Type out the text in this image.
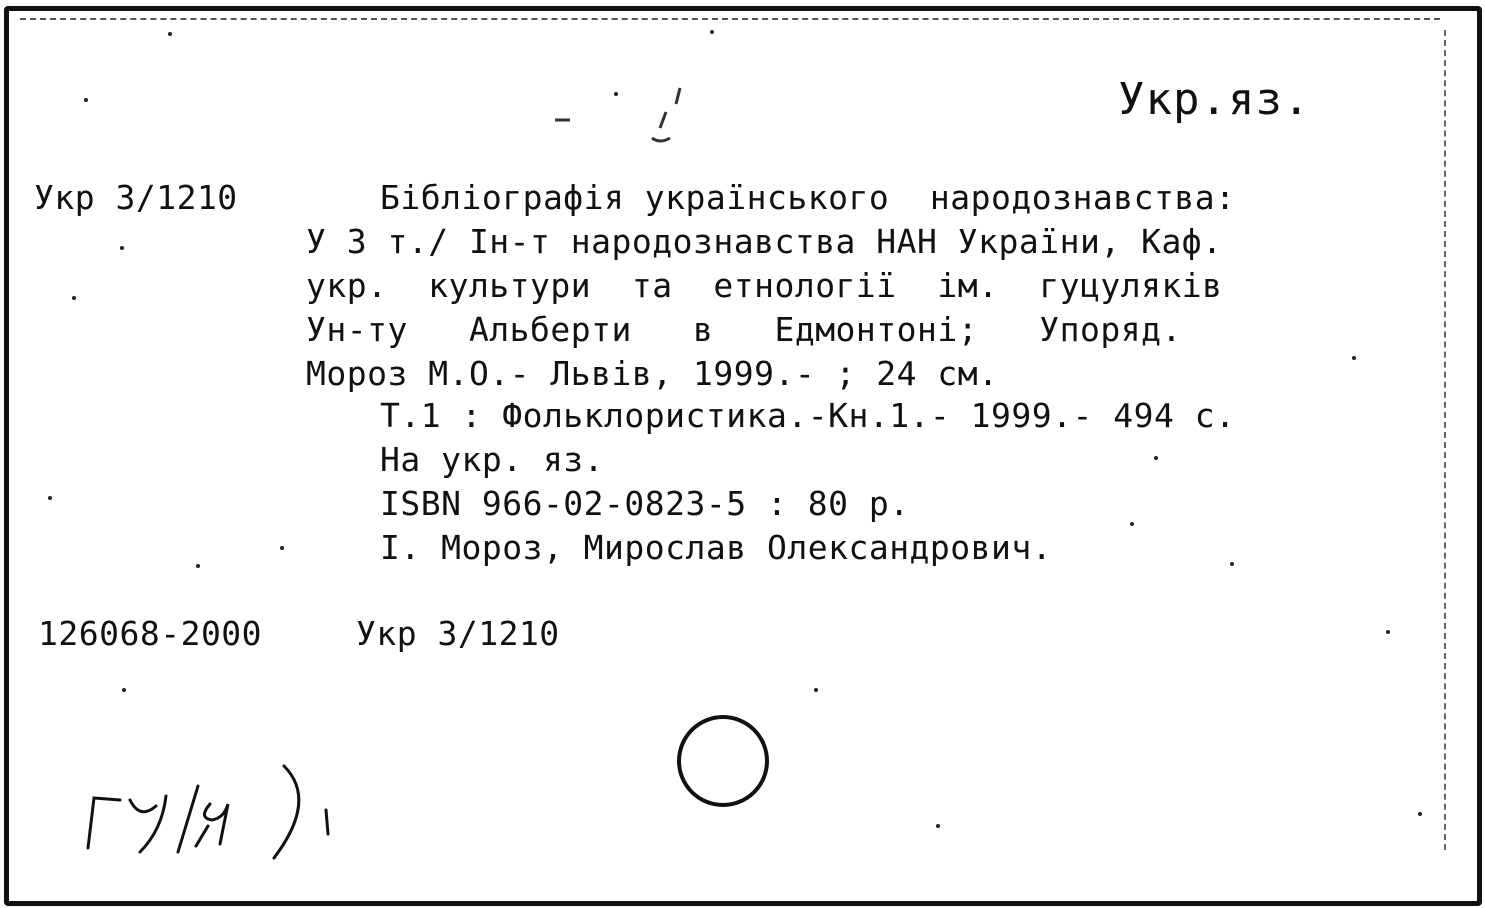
Укр.яз.
Укр 3/1210	Бібліографія українського  народознавства:
У 3 т./ Ін-т народознавства НАН України, Каф.
укр.  культури  та  етнології  ім.  гуцуляків
Ун-ту   Альберти   в   Едмонтоні;   Упоряд.
Мороз М.О.- Львів, 1999.- ; 24 см.
Т.1 : Фольклористика.-Кн.1.- 1999.- 494 с.
На укр. яз.
ISBN 966-02-0823-5 : 80 р.
І. Мороз, Мирослав Олександрович.
126068-2000	Укр 3/1210
